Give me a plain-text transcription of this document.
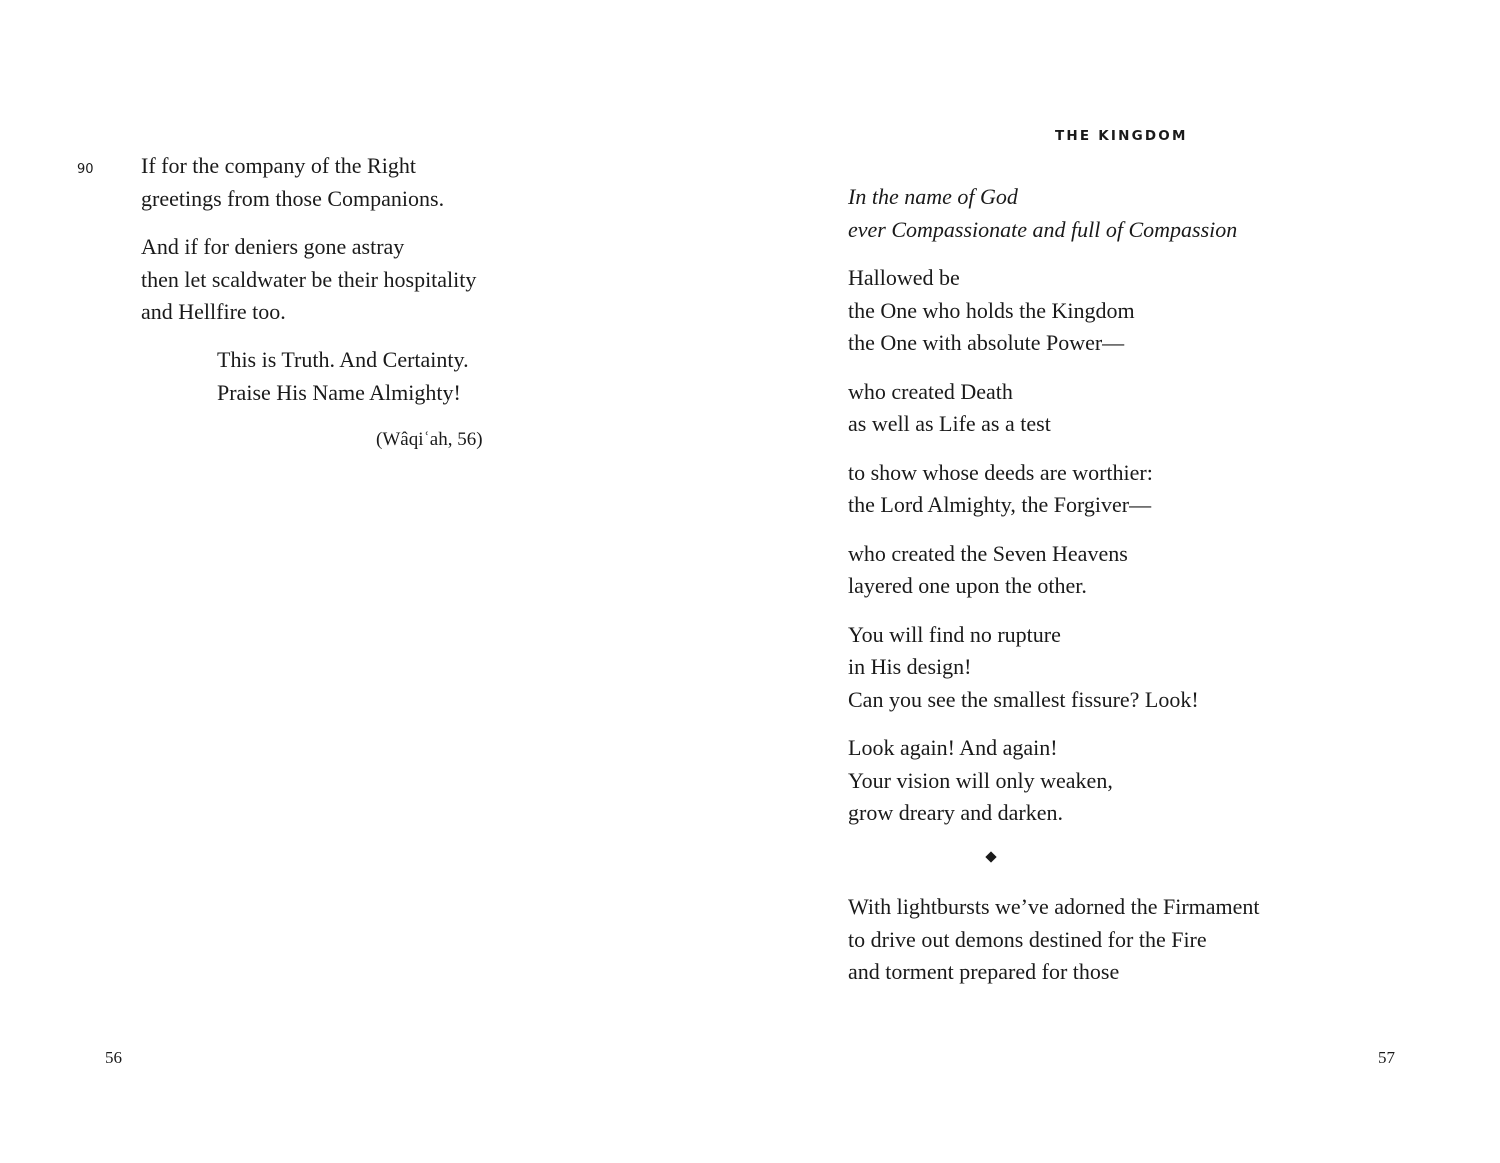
90 If for the company of the Right
greetings from those Companions.
And if for deniers gone astray
then let scaldwater be their hospitality
and Hellfire too.
This is Truth. And Certainty.
Praise His Name Almighty!
(Wâqiʿah, 56)
56
THE KINGDOM
In the name of God
ever Compassionate and full of Compassion
Hallowed be
the One who holds the Kingdom
the One with absolute Power—
who created Death
as well as Life as a test
to show whose deeds are worthier:
the Lord Almighty, the Forgiver—
who created the Seven Heavens
layered one upon the other.
You will find no rupture
in His design!
Can you see the smallest fissure? Look!
Look again! And again!
Your vision will only weaken,
grow dreary and darken.
With lightbursts we’ve adorned the Firmament
to drive out demons destined for the Fire
and torment prepared for those
57
